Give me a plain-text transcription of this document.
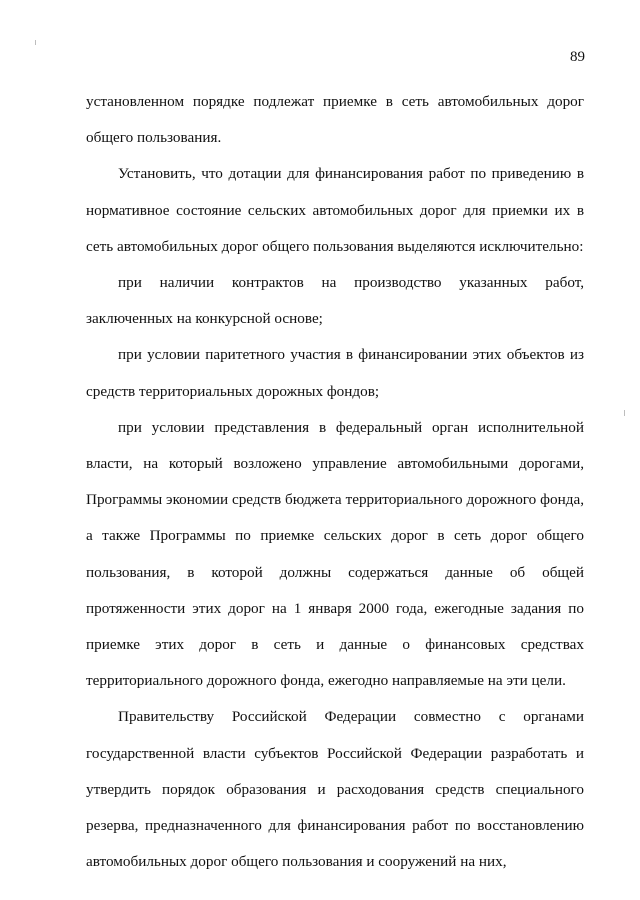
89

установленном порядке подлежат приемке в сеть автомобильных дорог общего пользования.

Установить, что дотации для финансирования работ по приведению в нормативное состояние сельских автомобильных дорог для приемки их в сеть автомобильных дорог общего пользования выделяются исключительно:

при наличии контрактов на производство указанных работ, заключенных на конкурсной основе;

при условии паритетного участия в финансировании этих объектов из средств территориальных дорожных фондов;

при условии представления в федеральный орган исполнительной власти, на который возложено управление автомобильными дорогами, Программы экономии средств бюджета территориального дорожного фонда, а также Программы по приемке сельских дорог в сеть дорог общего пользования, в которой должны содержаться данные об общей протяженности этих дорог на 1 января 2000 года, ежегодные задания по приемке этих дорог в сеть и данные о финансовых средствах территориального дорожного фонда, ежегодно направляемые на эти цели.

Правительству Российской Федерации совместно с органами государственной власти субъектов Российской Федерации разработать и утвердить порядок образования и расходования средств специального резерва, предназначенного для финансирования работ по восстановлению автомобильных дорог общего пользования и сооружений на них,
